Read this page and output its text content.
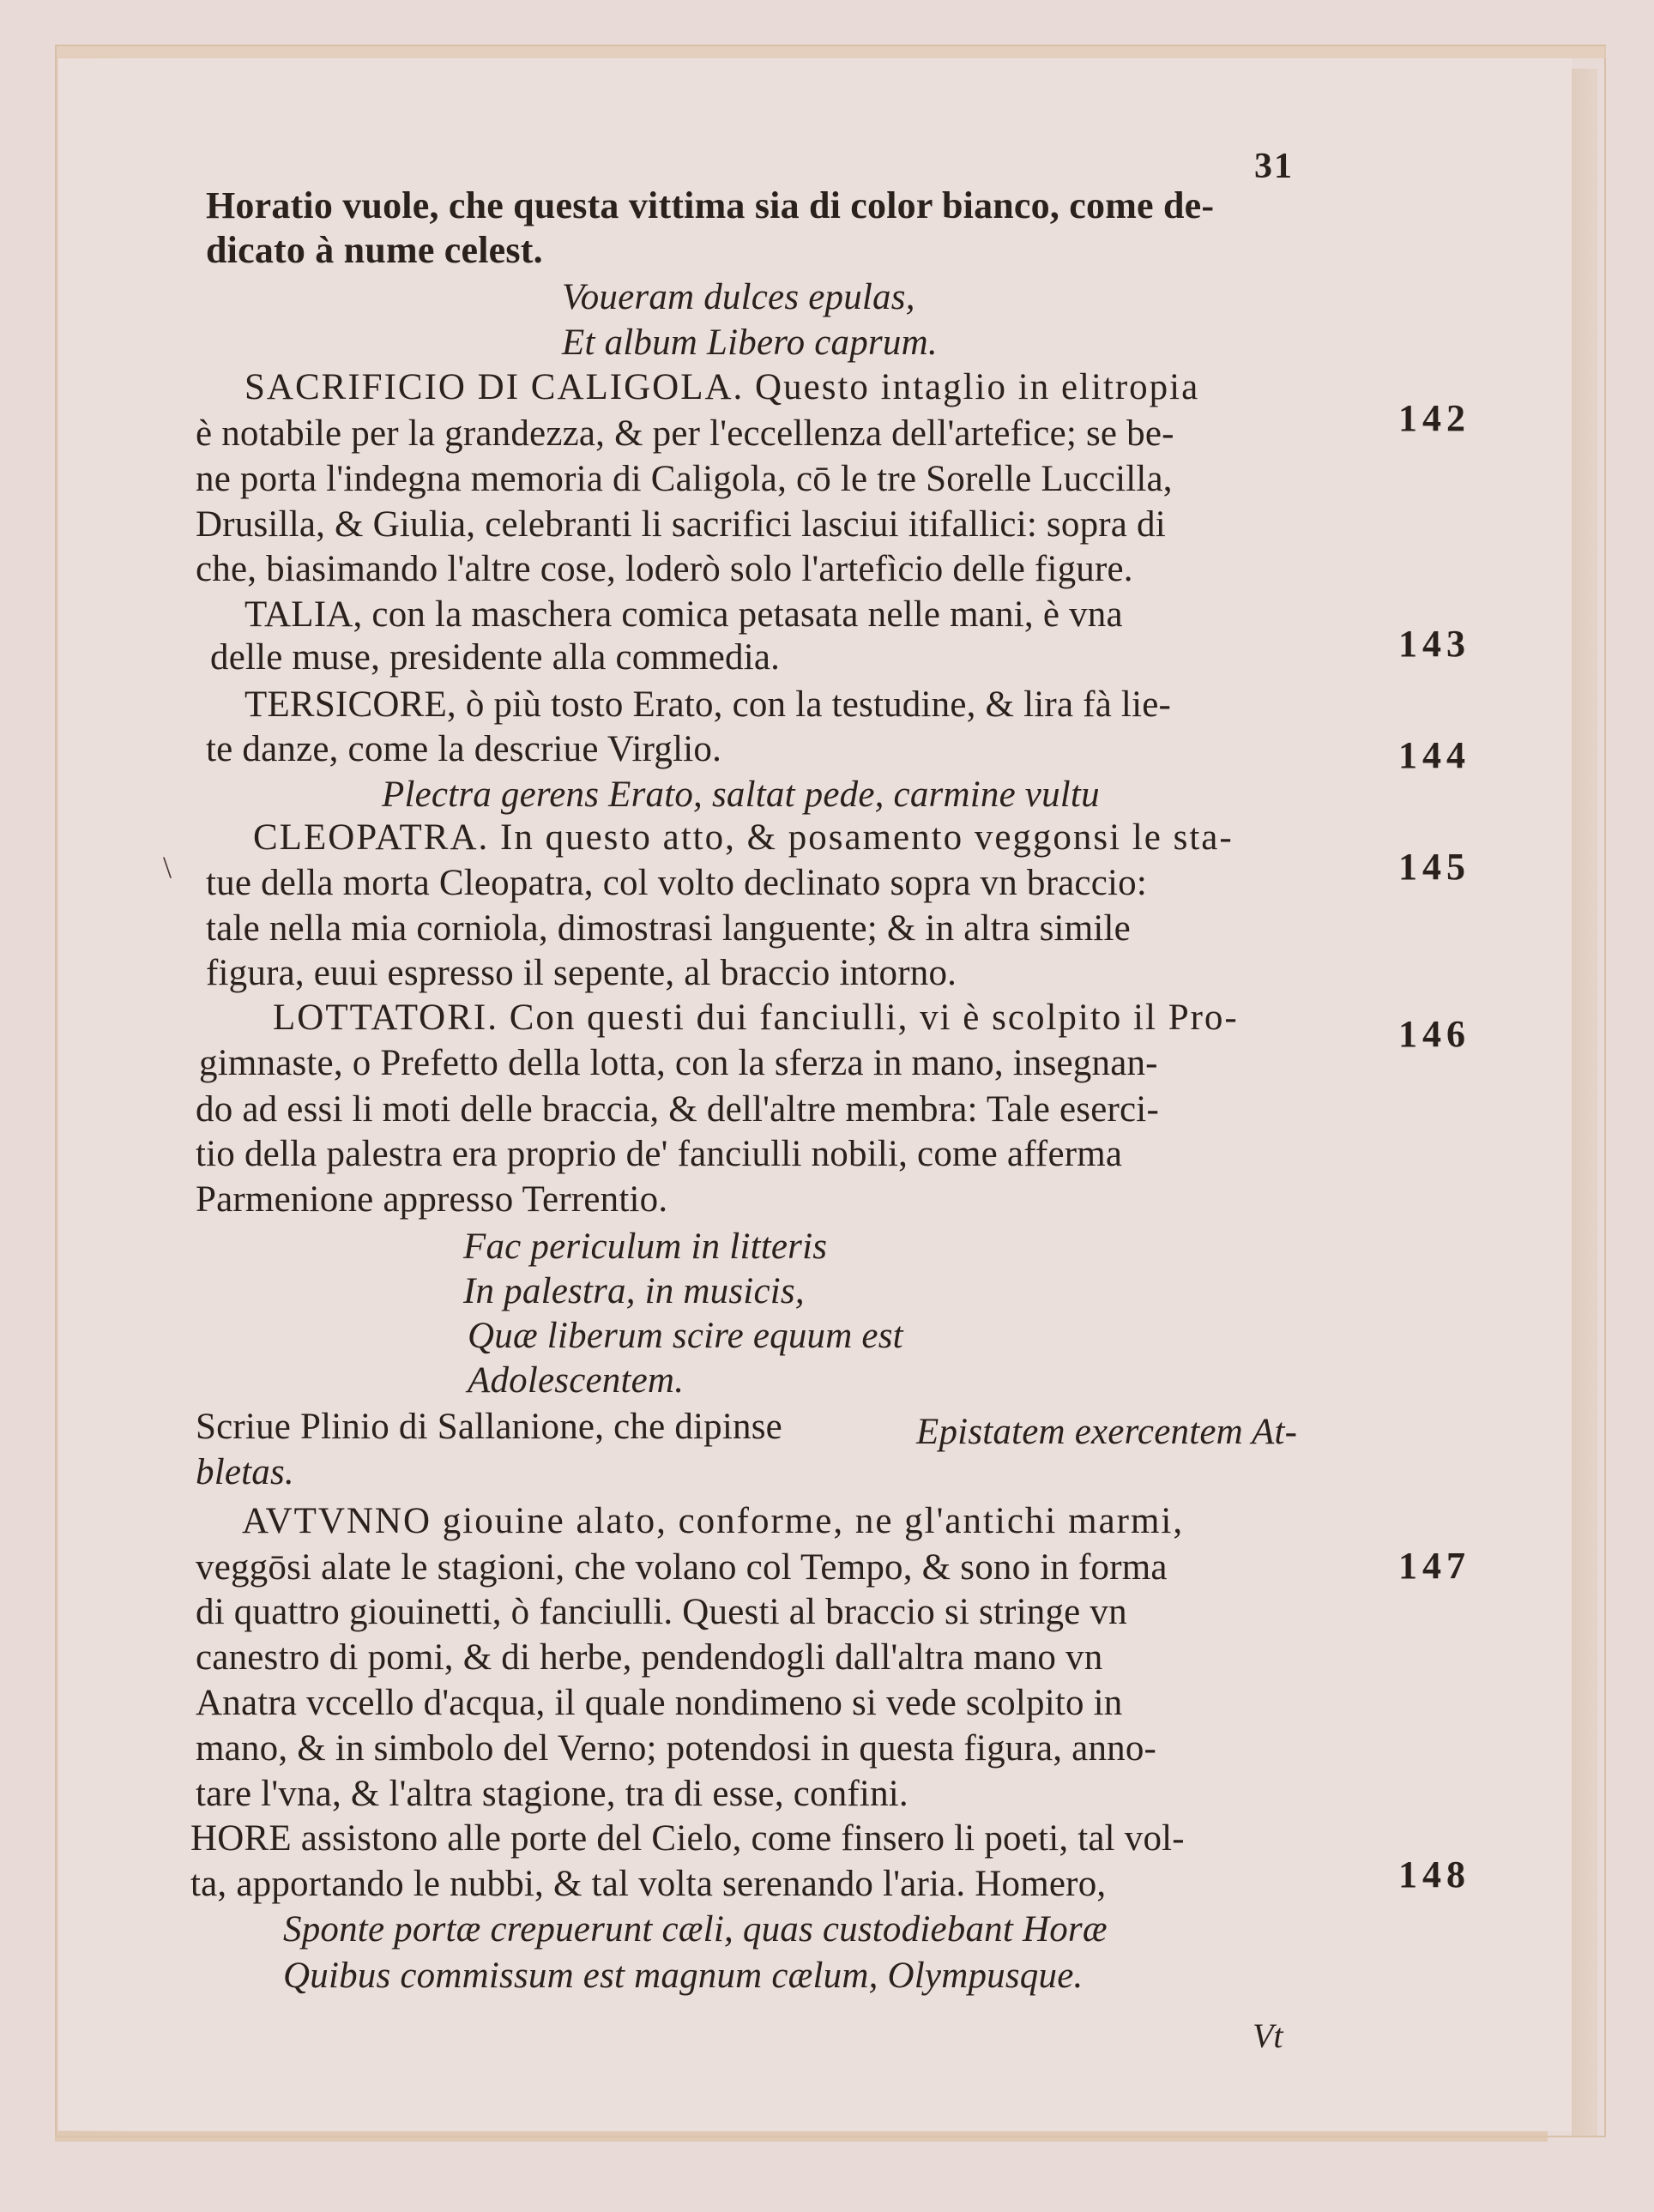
31
Horatio vuole, che questa vittima sia di color bianco, come de-
dicato à nume celest.
Voueram dulces epulas,
Et album Libero caprum.
SACRIFICIO DI CALIGOLA. Questo intaglio in elitropia
è notabile per la grandezza, & per l'eccellenza dell'artefice; se be-
ne porta l'indegna memoria di Caligola, cō le tre Sorelle Luccilla,
Drusilla, & Giulia, celebranti li sacrifici lasciui itifallici: sopra di
che, biasimando l'altre cose, loderò solo l'artefìcio delle figure.
142
TALIA, con la maschera comica petasata nelle mani, è vna
delle muse, presidente alla commedia.	143
TERSICORE, ò più tosto Erato, con la testudine, & lira fà lie-
te danze, come la descriue Virglio.
Plectra gerens Erato, saltat pede, carmine vultu
144
CLEOPATRA. In questo atto, & posamento veggonsi le sta-
tue della morta Cleopatra, col volto declinato sopra vn braccio:
tale nella mia corniola, dimostrasi languente; & in altra simile
figura, euui espresso il sepente, al braccio intorno.
145
\
LOTTATORI. Con questi dui fanciulli, vi è scolpito il Pro-
gimnaste, o Prefetto della lotta, con la sferza in mano, insegnan-
do ad essi li moti delle braccia, & dell'altre membra: Tale eserci-
tio della palestra era proprio de' fanciulli nobili, come afferma
Parmenione appresso Terrentio.
146
Fac periculum in litteris
In palestra, in musicis,
Quæ liberum scire equum est
Adolescentem.
Scriue Plinio di Sallanione, che dipinse	Epistatem exercentem At-
bletas.
AVTVNNO giouine alato, conforme, ne gl'antichi marmi,
veggōsi alate le stagioni, che volano col Tempo, & sono in forma
di quattro giouinetti, ò fanciulli. Questi al braccio si stringe vn
canestro di pomi, & di herbe, pendendogli dall'altra mano vn
Anatra vccello d'acqua, il quale nondimeno si vede scolpito in
mano, & in simbolo del Verno; potendosi in questa figura, anno-
tare l'vna, & l'altra stagione, tra di esse, confini.
147
HORE assistono alle porte del Cielo, come finsero li poeti, tal vol-
ta, apportando le nubbi, & tal volta serenando l'aria. Homero,	148
Sponte portæ crepuerunt cæli, quas custodiebant Horæ
Quibus commissum est magnum cælum, Olympusque.
Vt
